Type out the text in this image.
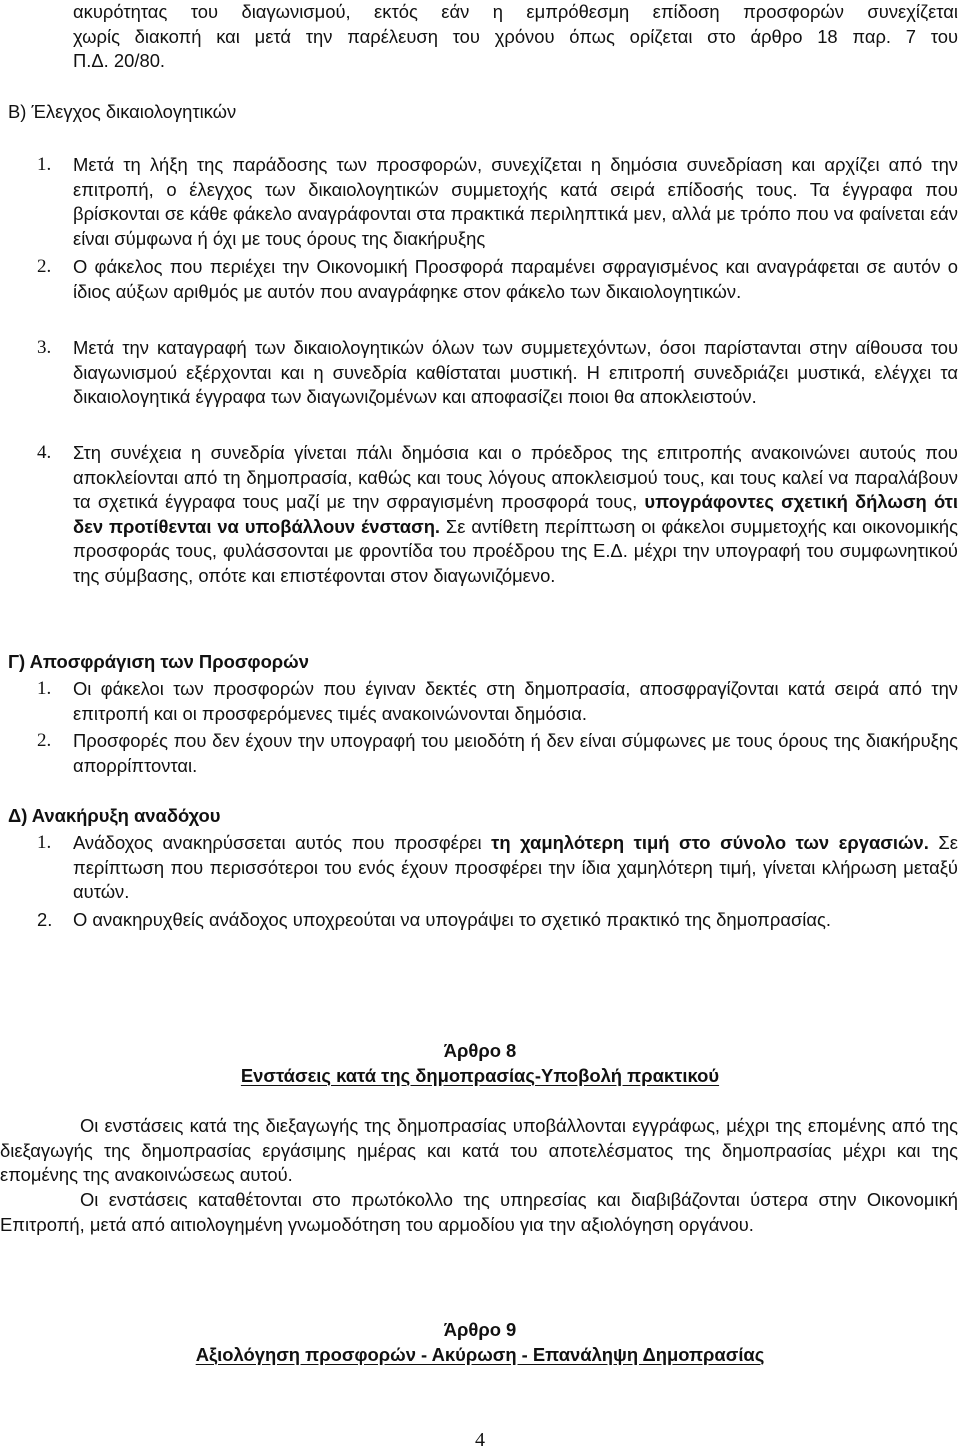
ακυρότητας του διαγωνισμού, εκτός εάν η εμπρόθεσμη επίδοση προσφορών συνεχίζεται
χωρίς διακοπή και μετά την παρέλευση του χρόνου όπως ορίζεται στο άρθρο 18 παρ. 7 του
Π.Δ. 20/80.
Β) Έλεγχος δικαιολογητικών
1. Μετά τη λήξη της παράδοσης των προσφορών, συνεχίζεται η δημόσια συνεδρίαση και αρχίζει από την επιτροπή, ο έλεγχος των δικαιολογητικών συμμετοχής κατά σειρά επίδοσής τους. Τα έγγραφα που βρίσκονται σε κάθε φάκελο αναγράφονται στα πρακτικά περιληπτικά μεν, αλλά με τρόπο που να φαίνεται εάν είναι σύμφωνα ή όχι με τους όρους της διακήρυξης
2. Ο φάκελος που περιέχει την Οικονομική Προσφορά παραμένει σφραγισμένος και αναγράφεται σε αυτόν ο ίδιος αύξων αριθμός με αυτόν που αναγράφηκε στον φάκελο των δικαιολογητικών.
3. Μετά την καταγραφή των δικαιολογητικών όλων των συμμετεχόντων, όσοι παρίστανται στην αίθουσα του διαγωνισμού εξέρχονται και η συνεδρία καθίσταται μυστική. Η επιτροπή συνεδριάζει μυστικά, ελέγχει τα δικαιολογητικά έγγραφα των διαγωνιζομένων και αποφασίζει ποιοι θα αποκλειστούν.
4. Στη συνέχεια η συνεδρία γίνεται πάλι δημόσια και ο πρόεδρος της επιτροπής ανακοινώνει αυτούς που αποκλείονται από τη δημοπρασία, καθώς και τους λόγους αποκλεισμού τους, και τους καλεί να παραλάβουν τα σχετικά έγγραφα τους μαζί με την σφραγισμένη προσφορά τους, υπογράφοντες σχετική δήλωση ότι δεν προτίθενται να υποβάλλουν ένσταση. Σε αντίθετη περίπτωση οι φάκελοι συμμετοχής και οικονομικής προσφοράς τους, φυλάσσονται με φροντίδα του προέδρου της Ε.Δ. μέχρι την υπογραφή του συμφωνητικού της σύμβασης, οπότε και επιστέφονται στον διαγωνιζόμενο.
Γ) Αποσφράγιση των Προσφορών
1. Οι φάκελοι των προσφορών που έγιναν δεκτές στη δημοπρασία, αποσφραγίζονται κατά σειρά από την επιτροπή και οι προσφερόμενες τιμές ανακοινώνονται δημόσια.
2. Προσφορές που δεν έχουν την υπογραφή του μειοδότη ή δεν είναι σύμφωνες με τους όρους της διακήρυξης απορρίπτονται.
Δ) Ανακήρυξη αναδόχου
1. Ανάδοχος ανακηρύσσεται αυτός που προσφέρει τη χαμηλότερη τιμή στο σύνολο των εργασιών. Σε περίπτωση που περισσότεροι του ενός έχουν προσφέρει την ίδια χαμηλότερη τιμή, γίνεται κλήρωση μεταξύ αυτών.
2. Ο ανακηρυχθείς ανάδοχος υποχρεούται να υπογράψει το σχετικό πρακτικό της δημοπρασίας.
Άρθρο 8
Ενστάσεις κατά της δημοπρασίας-Υποβολή πρακτικού
Οι ενστάσεις κατά της διεξαγωγής της δημοπρασίας υποβάλλονται εγγράφως, μέχρι της επομένης από της διεξαγωγής της δημοπρασίας εργάσιμης ημέρας και κατά του αποτελέσματος της δημοπρασίας μέχρι και της επομένης της ανακοινώσεως αυτού.
Οι ενστάσεις καταθέτονται στο πρωτόκολλο της υπηρεσίας και διαβιβάζονται ύστερα στην Οικονομική Επιτροπή, μετά από αιτιολογημένη γνωμοδότηση του αρμοδίου για την αξιολόγηση οργάνου.
Άρθρο 9
Αξιολόγηση προσφορών - Ακύρωση - Επανάληψη Δημοπρασίας
4
